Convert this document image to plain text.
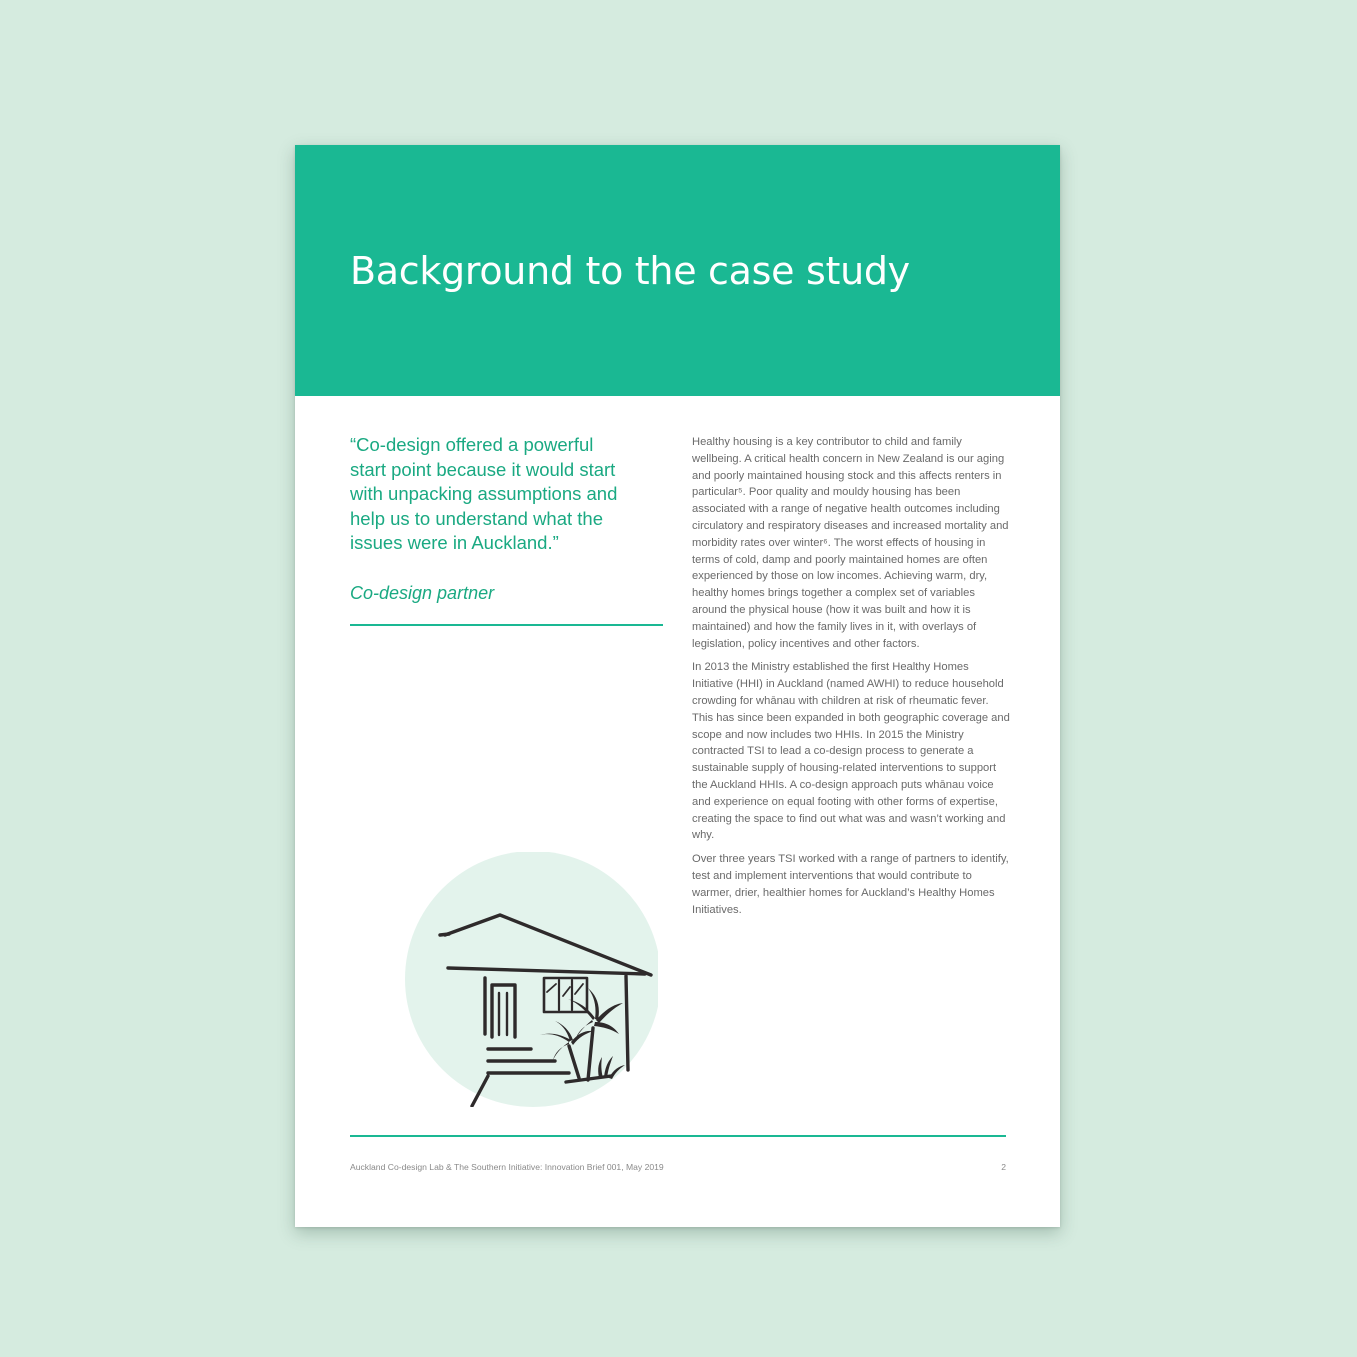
Background to the case study

“Co-design offered a powerful start point because it would start with unpacking assumptions and help us to understand what the issues were in Auckland.”

Co-design partner

Healthy housing is a key contributor to child and family wellbeing. A critical health concern in New Zealand is our aging and poorly maintained housing stock and this affects renters in particular⁵. Poor quality and mouldy housing has been associated with a range of negative health outcomes including circulatory and respiratory diseases and increased mortality and morbidity rates over winter⁶. The worst effects of housing in terms of cold, damp and poorly maintained homes are often experienced by those on low incomes. Achieving warm, dry, healthy homes brings together a complex set of variables around the physical house (how it was built and how it is maintained) and how the family lives in it, with overlays of legislation, policy incentives and other factors.

In 2013 the Ministry established the first Healthy Homes Initiative (HHI) in Auckland (named AWHI) to reduce household crowding for whānau with children at risk of rheumatic fever. This has since been expanded in both geographic coverage and scope and now includes two HHIs. In 2015 the Ministry contracted TSI to lead a co-design process to generate a sustainable supply of housing-related interventions to support the Auckland HHIs. A co-design approach puts whānau voice and experience on equal footing with other forms of expertise, creating the space to find out what was and wasn’t working and why.

Over three years TSI worked with a range of partners to identify, test and implement interventions that would contribute to warmer, drier, healthier homes for Auckland’s Healthy Homes Initiatives.

Auckland Co-design Lab & The Southern Initiative: Innovation Brief 001, May 2019	2
